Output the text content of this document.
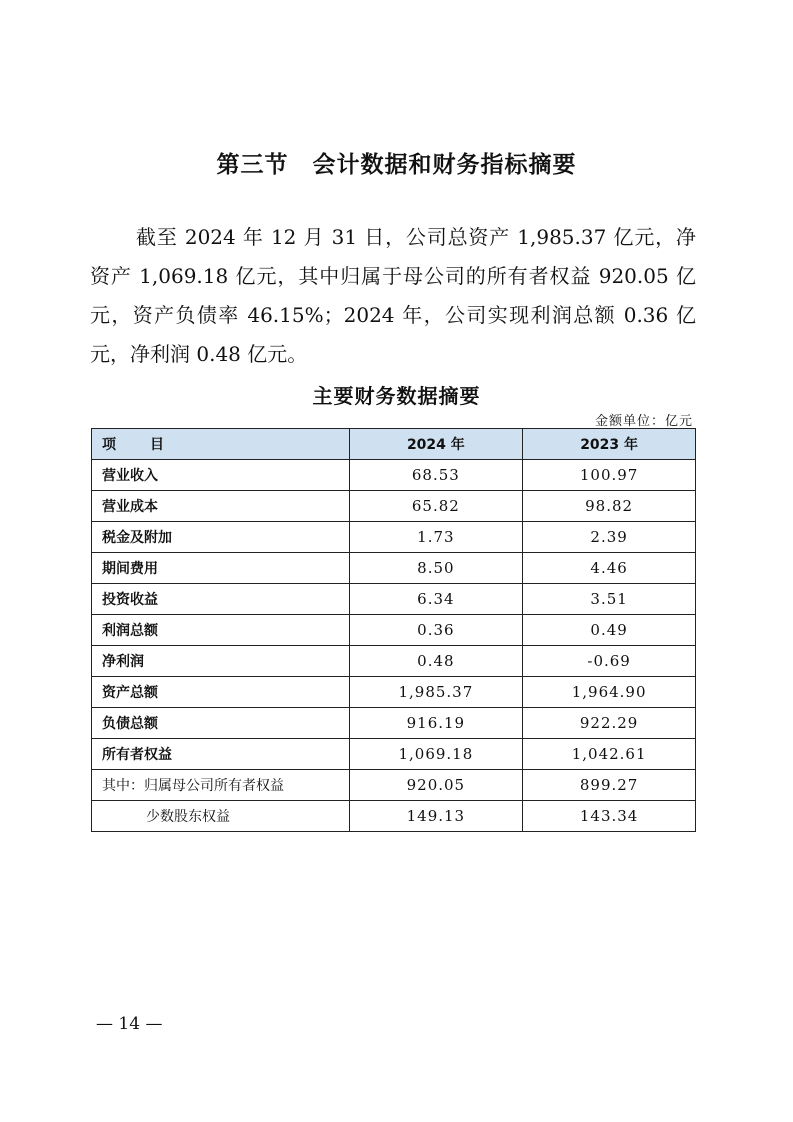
第三节　会计数据和财务指标摘要

截至 2024 年 12 月 31 日，公司总资产 1,985.37 亿元，净资产 1,069.18 亿元，其中归属于母公司的所有者权益 920.05 亿元，资产负债率 46.15%；2024 年，公司实现利润总额 0.36 亿元，净利润 0.48 亿元。

主要财务数据摘要
金额单位：亿元
项　　目	2024 年	2023 年
营业收入	68.53	100.97
营业成本	65.82	98.82
税金及附加	1.73	2.39
期间费用	8.50	4.46
投资收益	6.34	3.51
利润总额	0.36	0.49
净利润	0.48	-0.69
资产总额	1,985.37	1,964.90
负债总额	916.19	922.29
所有者权益	1,069.18	1,042.61
其中：归属母公司所有者权益	920.05	899.27
少数股东权益	149.13	143.34
— 14 —
